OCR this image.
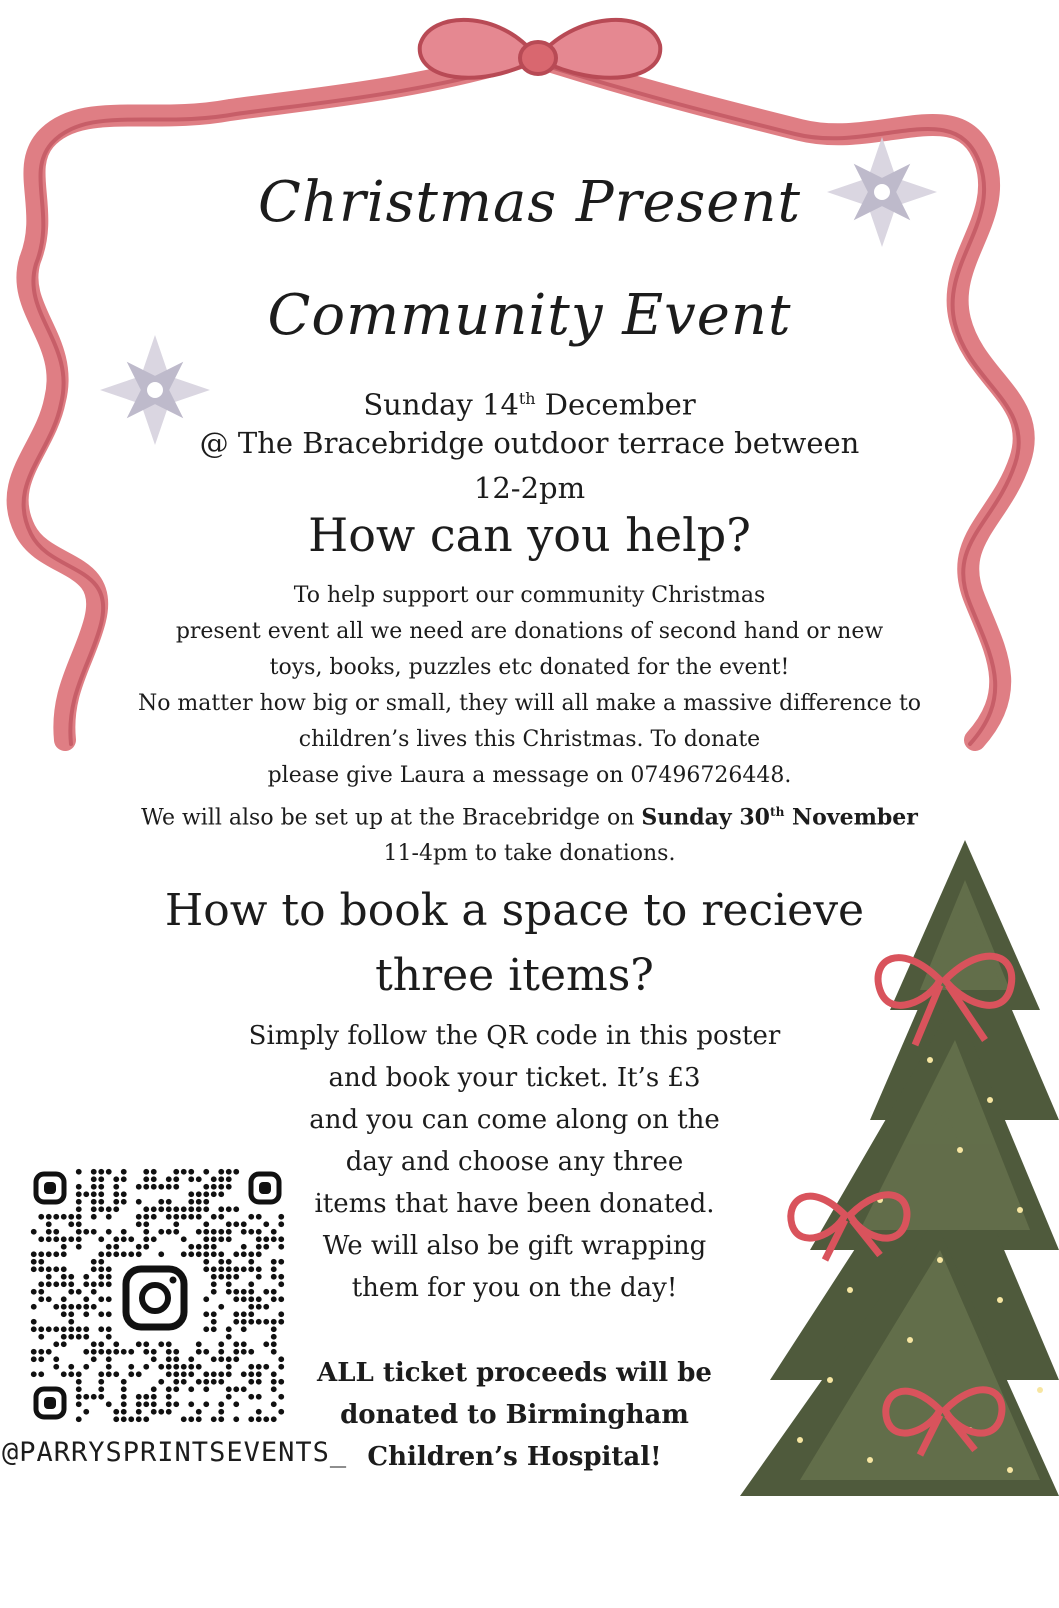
Christmas Present
Community Event
Sunday 14th December
@ The Bracebridge outdoor terrace between
12-2pm
How can you help?
To help support our community Christmas
present event all we need are donations of second hand or new
toys, books, puzzles etc donated for the event!
No matter how big or small, they will all make a massive difference to
children’s lives this Christmas. To donate
please give Laura a message on 07496726448.
We will also be set up at the Bracebridge on Sunday 30th November
11-4pm to take donations.
How to book a space to recieve
three items?
Simply follow the QR code in this poster
and book your ticket. It’s £3
and you can come along on the
day and choose any three
items that have been donated.
We will also be gift wrapping
them for you on the day!
ALL ticket proceeds will be
donated to Birmingham
Children’s Hospital!
@PARRYSPRINTSEVENTS_
